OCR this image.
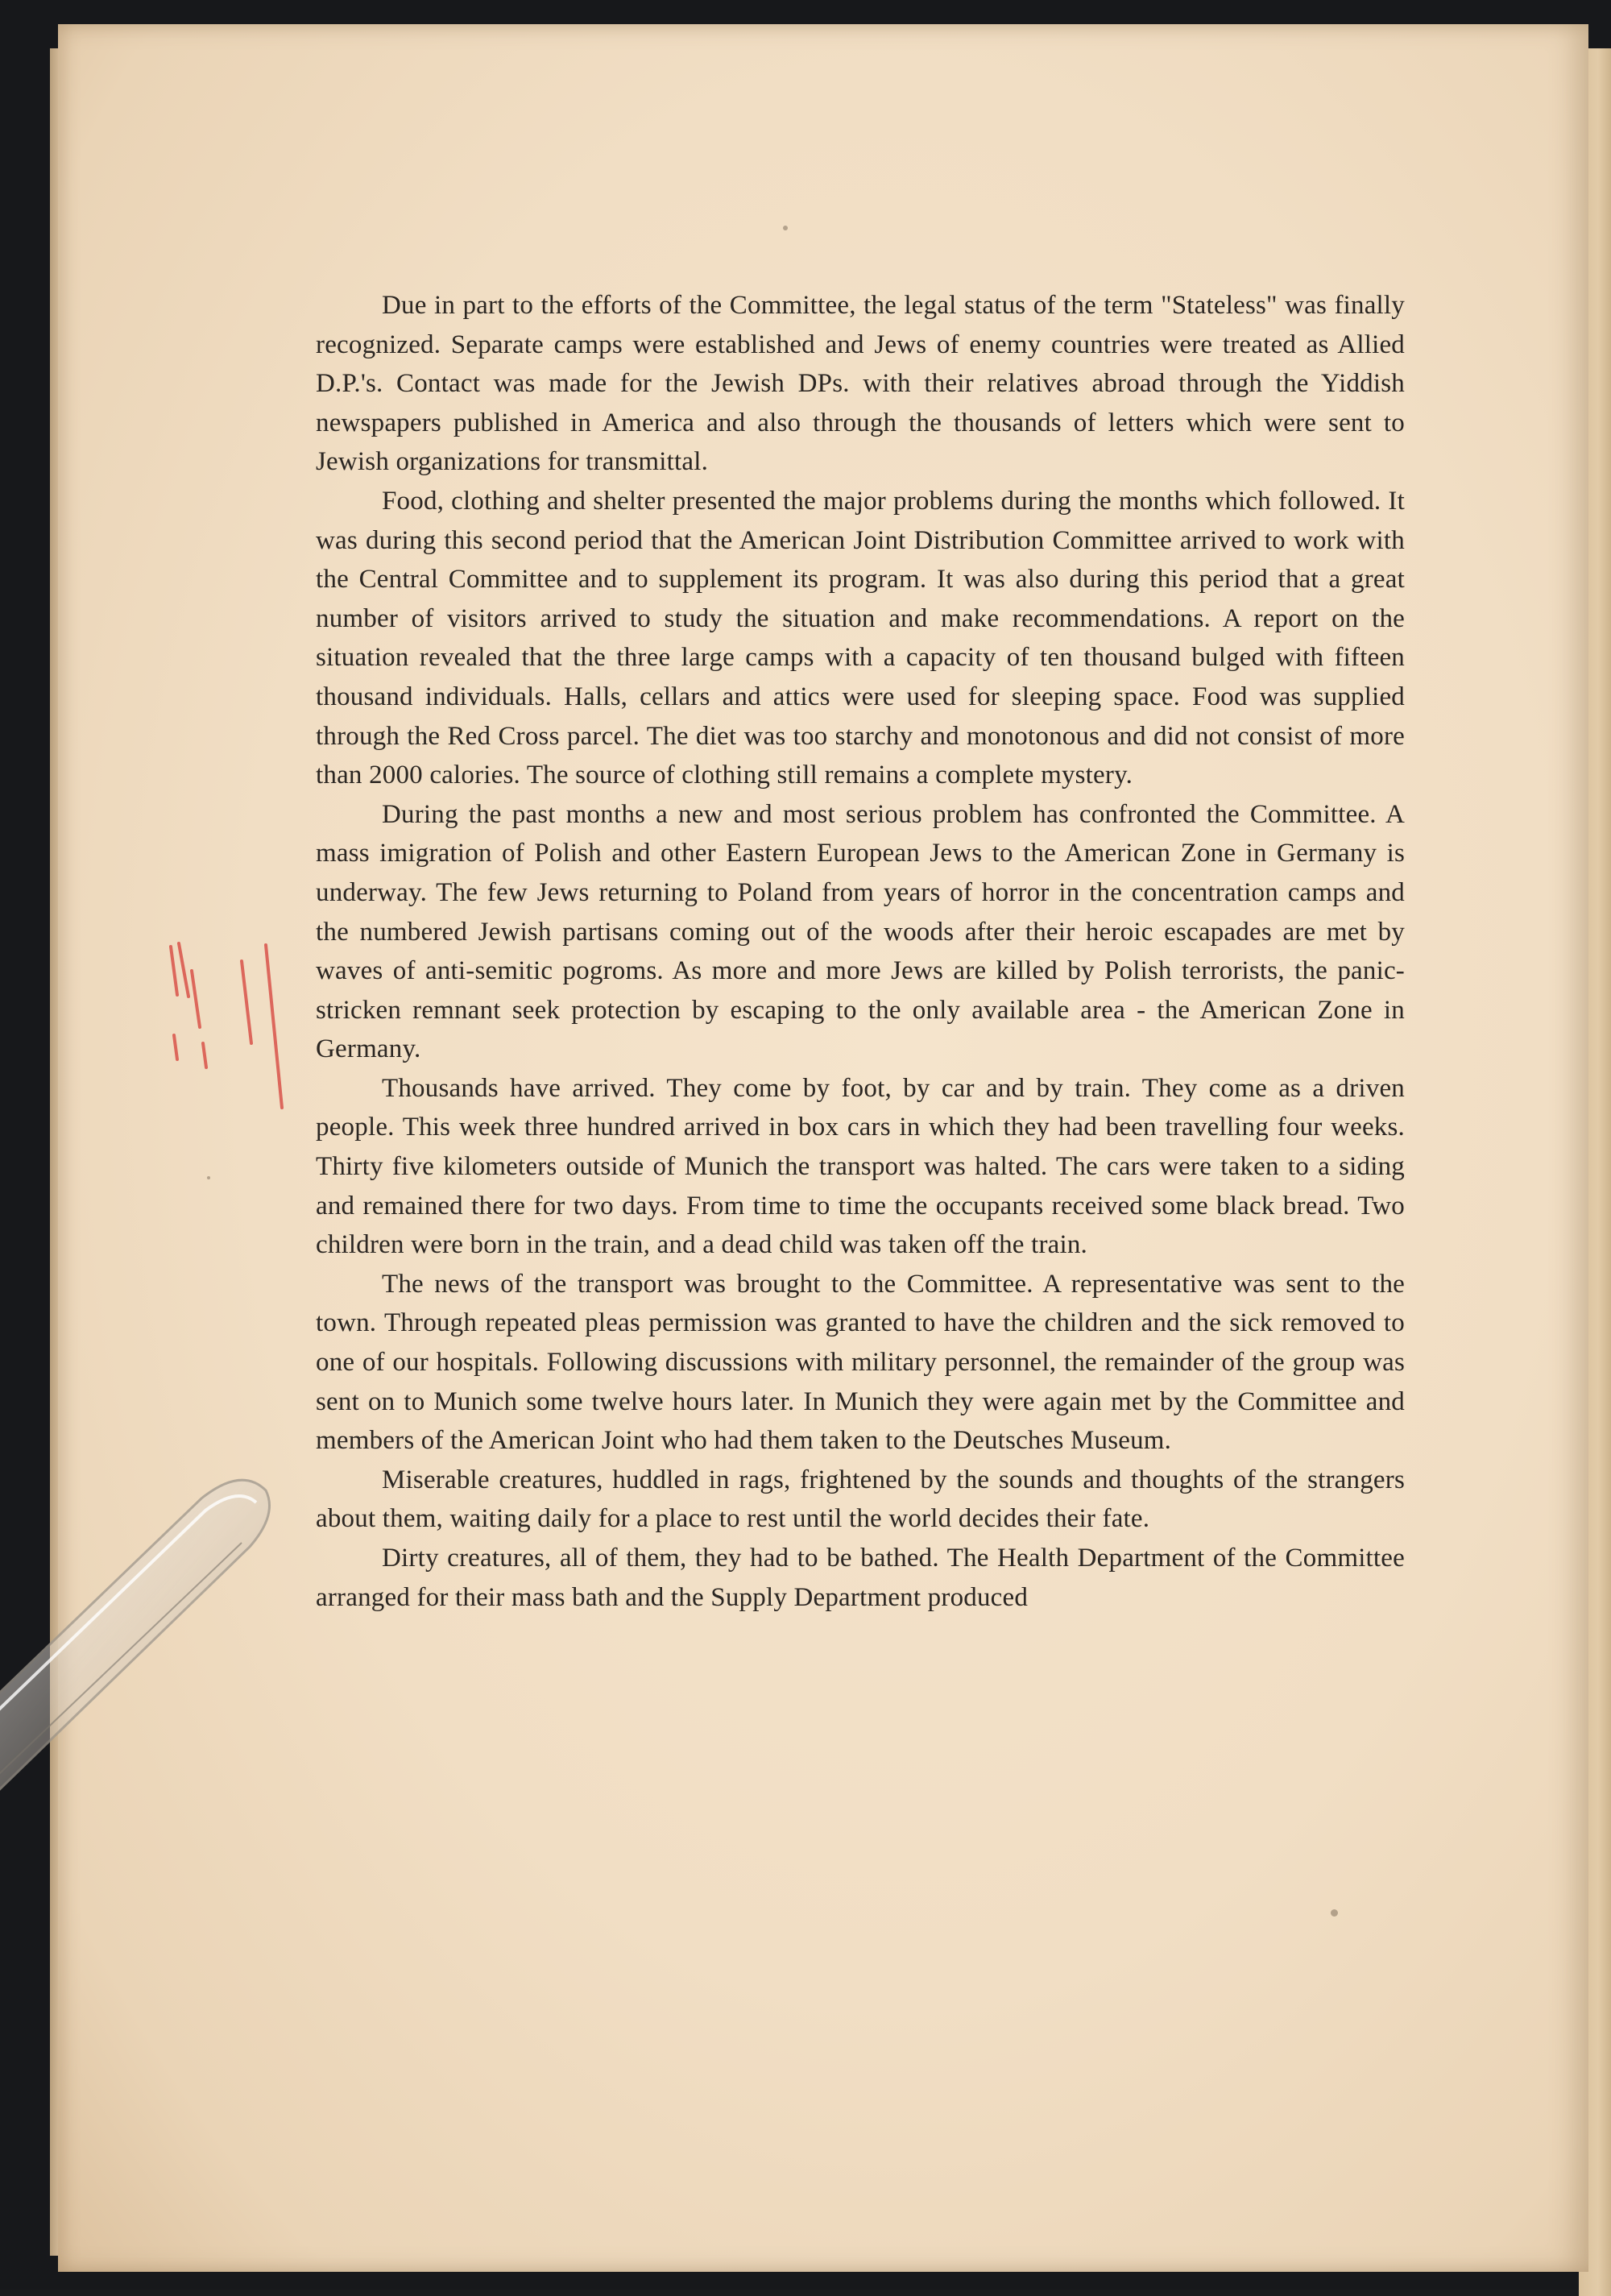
Due in part to the efforts of the Committee, the legal status of the term "Stateless" was finally recognized. Separate camps were established and Jews of enemy countries were treated as Allied D.P.'s. Contact was made for the Jewish DPs. with their relatives abroad through the Yiddish newspapers published in America and also through the thousands of letters which were sent to Jewish organizations for transmittal.

Food, clothing and shelter presented the major problems during the months which followed. It was during this second period that the American Joint Distribution Committee arrived to work with the Central Committee and to supplement its program. It was also during this period that a great number of visitors arrived to study the situation and make recommendations. A report on the situation revealed that the three large camps with a capacity of ten thousand bulged with fifteen thousand individuals. Halls, cellars and attics were used for sleeping space. Food was supplied through the Red Cross parcel. The diet was too starchy and monotonous and did not consist of more than 2000 calories. The source of clothing still remains a complete mystery.

During the past months a new and most serious problem has confronted the Committee. A mass imigration of Polish and other Eastern European Jews to the American Zone in Germany is underway. The few Jews returning to Poland from years of horror in the concentration camps and the numbered Jewish partisans coming out of the woods after their heroic escapades are met by waves of anti-semitic pogroms. As more and more Jews are killed by Polish terrorists, the panic-stricken remnant seek protection by escaping to the only available area - the American Zone in Germany.

Thousands have arrived. They come by foot, by car and by train. They come as a driven people. This week three hundred arrived in box cars in which they had been travelling four weeks. Thirty five kilometers outside of Munich the transport was halted. The cars were taken to a siding and remained there for two days. From time to time the occupants received some black bread. Two children were born in the train, and a dead child was taken off the train.

The news of the transport was brought to the Committee. A representative was sent to the town. Through repeated pleas permission was granted to have the children and the sick removed to one of our hospitals. Following discussions with military personnel, the remainder of the group was sent on to Munich some twelve hours later. In Munich they were again met by the Committee and members of the American Joint who had them taken to the Deutsches Museum.

Miserable creatures, huddled in rags, frightened by the sounds and thoughts of the strangers about them, waiting daily for a place to rest until the world decides their fate.

Dirty creatures, all of them, they had to be bathed. The Health Department of the Committee arranged for their mass bath and the Supply Department produced
